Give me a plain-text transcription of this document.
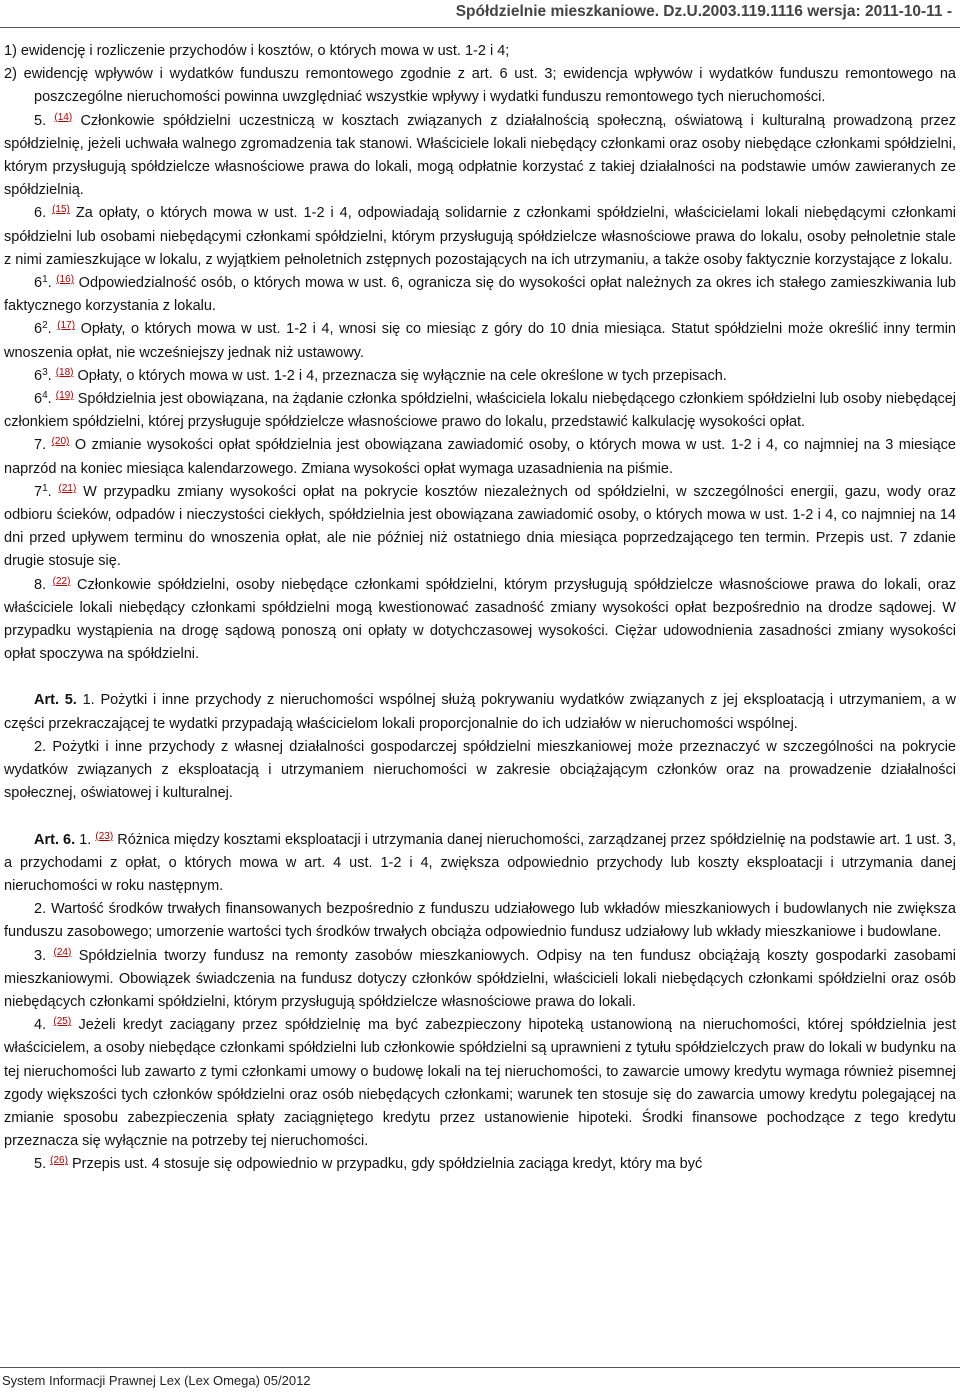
Spółdzielnie mieszkaniowe. Dz.U.2003.119.1116 wersja: 2011-10-11 -

1) ewidencję i rozliczenie przychodów i kosztów, o których mowa w ust. 1-2 i 4;

2) ewidencję wpływów i wydatków funduszu remontowego zgodnie z art. 6 ust. 3; ewidencja wpływów i wydatków funduszu remontowego na poszczególne nieruchomości powinna uwzględniać wszystkie wpływy i wydatki funduszu remontowego tych nieruchomości.

5. $^{(14)}$ Członkowie spółdzielni uczestniczą w kosztach związanych z działalnością społeczną, oświatową i kulturalną prowadzoną przez spółdzielnię, jeżeli uchwała walnego zgromadzenia tak stanowi. Właściciele lokali niebędący członkami oraz osoby niebędące członkami spółdzielni, którym przysługują spółdzielcze własnościowe prawa do lokali, mogą odpłatnie korzystać z takiej działalności na podstawie umów zawieranych ze spółdzielnią.

6. $^{(15)}$ Za opłaty, o których mowa w ust. 1-2 i 4, odpowiadają solidarnie z członkami spółdzielni, właścicielami lokali niebędącymi członkami spółdzielni lub osobami niebędącymi członkami spółdzielni, którym przysługują spółdzielcze własnościowe prawa do lokalu, osoby pełnoletnie stale z nimi zamieszkujące w lokalu, z wyjątkiem pełnoletnich zstępnych pozostających na ich utrzymaniu, a także osoby faktycznie korzystające z lokalu.

$6^1$. $^{(16)}$ Odpowiedzialność osób, o których mowa w ust. 6, ogranicza się do wysokości opłat należnych za okres ich stałego zamieszkiwania lub faktycznego korzystania z lokalu.

$6^2$. $^{(17)}$ Opłaty, o których mowa w ust. 1-2 i 4, wnosi się co miesiąc z góry do 10 dnia miesiąca. Statut spółdzielni może określić inny termin wnoszenia opłat, nie wcześniejszy jednak niż ustawowy.

$6^3$. $^{(18)}$ Opłaty, o których mowa w ust. 1-2 i 4, przeznacza się wyłącznie na cele określone w tych przepisach.

$6^4$. $^{(19)}$ Spółdzielnia jest obowiązana, na żądanie członka spółdzielni, właściciela lokalu niebędącego członkiem spółdzielni lub osoby niebędącej członkiem spółdzielni, której przysługuje spółdzielcze własnościowe prawo do lokalu, przedstawić kalkulację wysokości opłat.

7. $^{(20)}$ O zmianie wysokości opłat spółdzielnia jest obowiązana zawiadomić osoby, o których mowa w ust. 1-2 i 4, co najmniej na 3 miesiące naprzód na koniec miesiąca kalendarzowego. Zmiana wysokości opłat wymaga uzasadnienia na piśmie.

$7^1$. $^{(21)}$ W przypadku zmiany wysokości opłat na pokrycie kosztów niezależnych od spółdzielni, w szczególności energii, gazu, wody oraz odbioru ścieków, odpadów i nieczystości ciekłych, spółdzielnia jest obowiązana zawiadomić osoby, o których mowa w ust. 1-2 i 4, co najmniej na 14 dni przed upływem terminu do wnoszenia opłat, ale nie później niż ostatniego dnia miesiąca poprzedzającego ten termin. Przepis ust. 7 zdanie drugie stosuje się.

8. $^{(22)}$ Członkowie spółdzielni, osoby niebędące członkami spółdzielni, którym przysługują spółdzielcze własnościowe prawa do lokali, oraz właściciele lokali niebędący członkami spółdzielni mogą kwestionować zasadność zmiany wysokości opłat bezpośrednio na drodze sądowej. W przypadku wystąpienia na drogę sądową ponoszą oni opłaty w dotychczasowej wysokości. Ciężar udowodnienia zasadności zmiany wysokości opłat spoczywa na spółdzielni.

Art. 5. 1. Pożytki i inne przychody z nieruchomości wspólnej służą pokrywaniu wydatków związanych z jej eksploatacją i utrzymaniem, a w części przekraczającej te wydatki przypadają właścicielom lokali proporcjonalnie do ich udziałów w nieruchomości wspólnej.

2. Pożytki i inne przychody z własnej działalności gospodarczej spółdzielni mieszkaniowej może przeznaczyć w szczególności na pokrycie wydatków związanych z eksploatacją i utrzymaniem nieruchomości w zakresie obciążającym członków oraz na prowadzenie działalności społecznej, oświatowej i kulturalnej.

Art. 6. 1. $^{(23)}$ Różnica między kosztami eksploatacji i utrzymania danej nieruchomości, zarządzanej przez spółdzielnię na podstawie art. 1 ust. 3, a przychodami z opłat, o których mowa w art. 4 ust. 1-2 i 4, zwiększa odpowiednio przychody lub koszty eksploatacji i utrzymania danej nieruchomości w roku następnym.

2. Wartość środków trwałych finansowanych bezpośrednio z funduszu udziałowego lub wkładów mieszkaniowych i budowlanych nie zwiększa funduszu zasobowego; umorzenie wartości tych środków trwałych obciąża odpowiednio fundusz udziałowy lub wkłady mieszkaniowe i budowlane.

3. $^{(24)}$ Spółdzielnia tworzy fundusz na remonty zasobów mieszkaniowych. Odpisy na ten fundusz obciążają koszty gospodarki zasobami mieszkaniowymi. Obowiązek świadczenia na fundusz dotyczy członków spółdzielni, właścicieli lokali niebędących członkami spółdzielni oraz osób niebędących członkami spółdzielni, którym przysługują spółdzielcze własnościowe prawa do lokali.

4. $^{(25)}$ Jeżeli kredyt zaciągany przez spółdzielnię ma być zabezpieczony hipoteką ustanowioną na nieruchomości, której spółdzielnia jest właścicielem, a osoby niebędące członkami spółdzielni lub członkowie spółdzielni są uprawnieni z tytułu spółdzielczych praw do lokali w budynku na tej nieruchomości lub zawarto z tymi członkami umowy o budowę lokali na tej nieruchomości, to zawarcie umowy kredytu wymaga również pisemnej zgody większości tych członków spółdzielni oraz osób niebędących członkami; warunek ten stosuje się do zawarcia umowy kredytu polegającej na zmianie sposobu zabezpieczenia spłaty zaciągniętego kredytu przez ustanowienie hipoteki. Środki finansowe pochodzące z tego kredytu przeznacza się wyłącznie na potrzeby tej nieruchomości.

5. $^{(26)}$ Przepis ust. 4 stosuje się odpowiednio w przypadku, gdy spółdzielnia zaciąga kredyt, który ma być

System Informacji Prawnej Lex (Lex Omega) 05/2012
